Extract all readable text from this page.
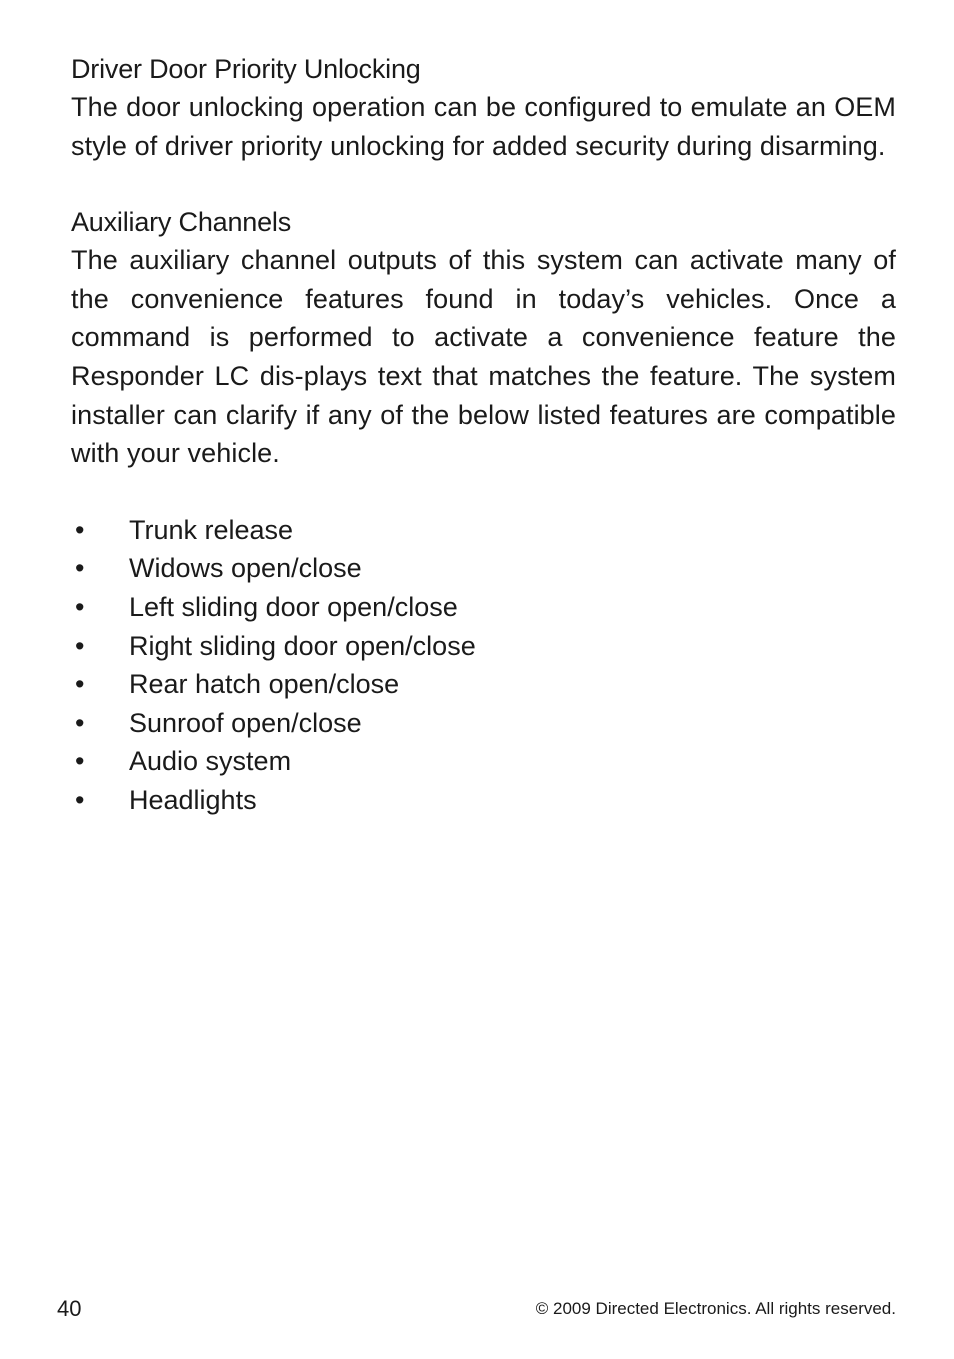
Driver Door Priority Unlocking

The door unlocking operation can be configured to emulate an OEM style of driver priority unlocking for added security during disarming.

Auxiliary Channels

The auxiliary channel outputs of this system can activate many of the convenience features found in today’s vehicles. Once a command is performed to activate a convenience feature the Responder LC dis-plays text that matches the feature. The system installer can clarify if any of the below listed features are compatible with your vehicle.

• Trunk release
• Widows open/close
• Left sliding door open/close
• Right sliding door open/close
• Rear hatch open/close
• Sunroof open/close
• Audio system
• Headlights
40	© 2009 Directed Electronics. All rights reserved.
